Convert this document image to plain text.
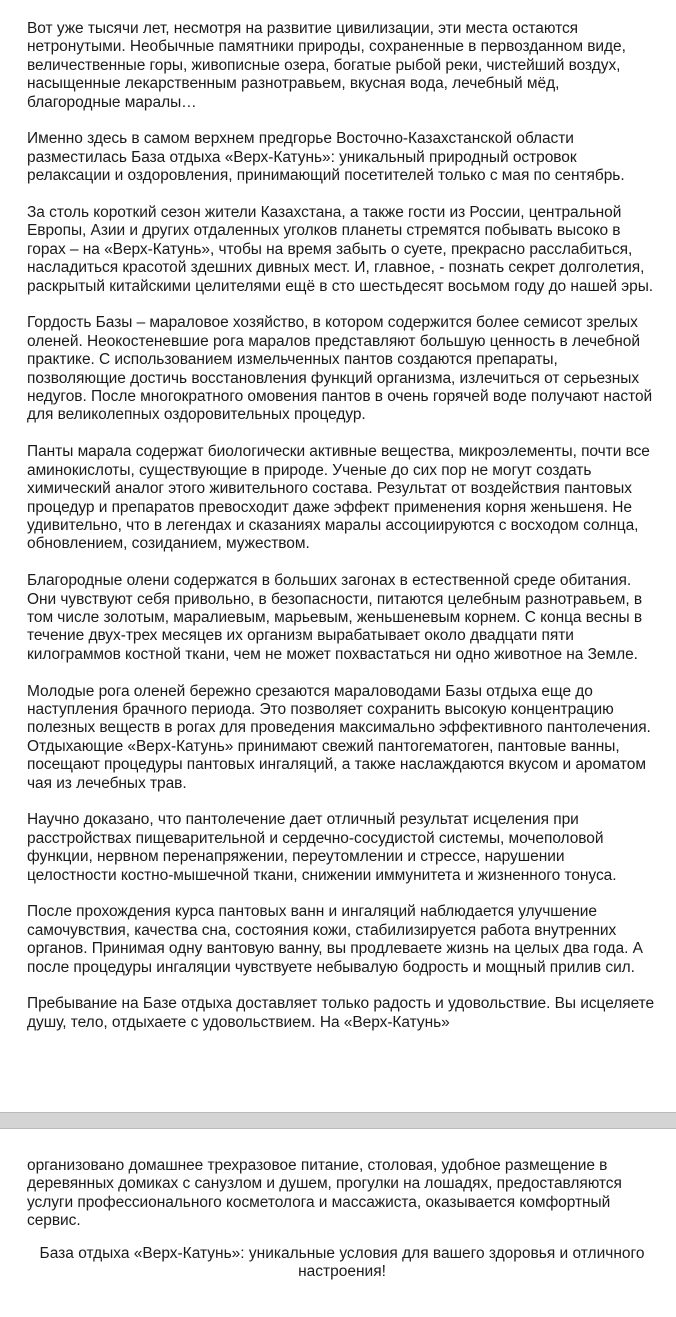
Вот уже тысячи лет, несмотря на развитие цивилизации, эти места остаются нетронутыми. Необычные памятники природы, сохраненные в первозданном виде, величественные горы, живописные озера, богатые рыбой реки, чистейший воздух, насыщенные лекарственным разнотравьем, вкусная вода, лечебный мёд, благородные маралы…

Именно здесь в самом верхнем предгорье Восточно-Казахстанской области разместилась База отдыха «Верх-Катунь»: уникальный природный островок релаксации и оздоровления, принимающий посетителей только с мая по сентябрь.

За столь короткий сезон жители Казахстана, а также гости из России, центральной Европы, Азии и других отдаленных уголков планеты стремятся побывать высоко в горах – на «Верх-Катунь», чтобы на время забыть о суете, прекрасно расслабиться, насладиться красотой здешних дивных мест. И, главное, - познать секрет долголетия, раскрытый китайскими целителями ещё в сто шестьдесят восьмом году до нашей эры.

Гордость Базы – мараловое хозяйство, в котором содержится более семисот зрелых оленей. Неокостеневшие рога маралов представляют большую ценность в лечебной практике. С использованием измельченных пантов создаются препараты, позволяющие достичь восстановления функций организма, излечиться от серьезных недугов. После многократного омовения пантов в очень горячей воде получают настой для великолепных оздоровительных процедур.

Панты марала содержат биологически активные вещества, микроэлементы, почти все аминокислоты, существующие в природе. Ученые до сих пор не могут создать химический аналог этого живительного состава. Результат от воздействия пантовых процедур и препаратов превосходит даже эффект применения корня женьшеня. Не удивительно, что в легендах и сказаниях маралы ассоциируются с восходом солнца, обновлением, созиданием, мужеством.

Благородные олени содержатся в больших загонах в естественной среде обитания. Они чувствуют себя привольно, в безопасности, питаются целебным разнотравьем, в том числе золотым, маралиевым, марьевым, женьшеневым корнем. С конца весны в течение двух-трех месяцев их организм вырабатывает около двадцати пяти килограммов костной ткани, чем не может похвастаться ни одно животное на Земле.

Молодые рога оленей бережно срезаются мараловодами Базы отдыха еще до наступления брачного периода. Это позволяет сохранить высокую концентрацию полезных веществ в рогах для проведения максимально эффективного пантолечения. Отдыхающие «Верх-Катунь» принимают свежий пантогематоген, пантовые ванны, посещают процедуры пантовых ингаляций, а также наслаждаются вкусом и ароматом чая из лечебных трав.

Научно доказано, что пантолечение дает отличный результат исцеления при расстройствах пищеварительной и сердечно-сосудистой системы, мочеполовой функции, нервном перенапряжении, переутомлении и стрессе, нарушении целостности костно-мышечной ткани, снижении иммунитета и жизненного тонуса.

После прохождения курса пантовых ванн и ингаляций наблюдается улучшение самочувствия, качества сна, состояния кожи, стабилизируется работа внутренних органов. Принимая одну вантовую ванну, вы продлеваете жизнь на целых два года. А после процедуры ингаляции чувствуете небывалую бодрость и мощный прилив сил.

Пребывание на Базе отдыха доставляет только радость и удовольствие. Вы исцеляете душу, тело, отдыхаете с удовольствием. На «Верх-Катунь»

организовано домашнее трехразовое питание, столовая, удобное размещение в деревянных домиках с санузлом и душем, прогулки на лошадях, предоставляются услуги профессионального косметолога и массажиста, оказывается комфортный сервис.

База отдыха «Верх-Катунь»: уникальные условия для вашего здоровья и отличного настроения!
